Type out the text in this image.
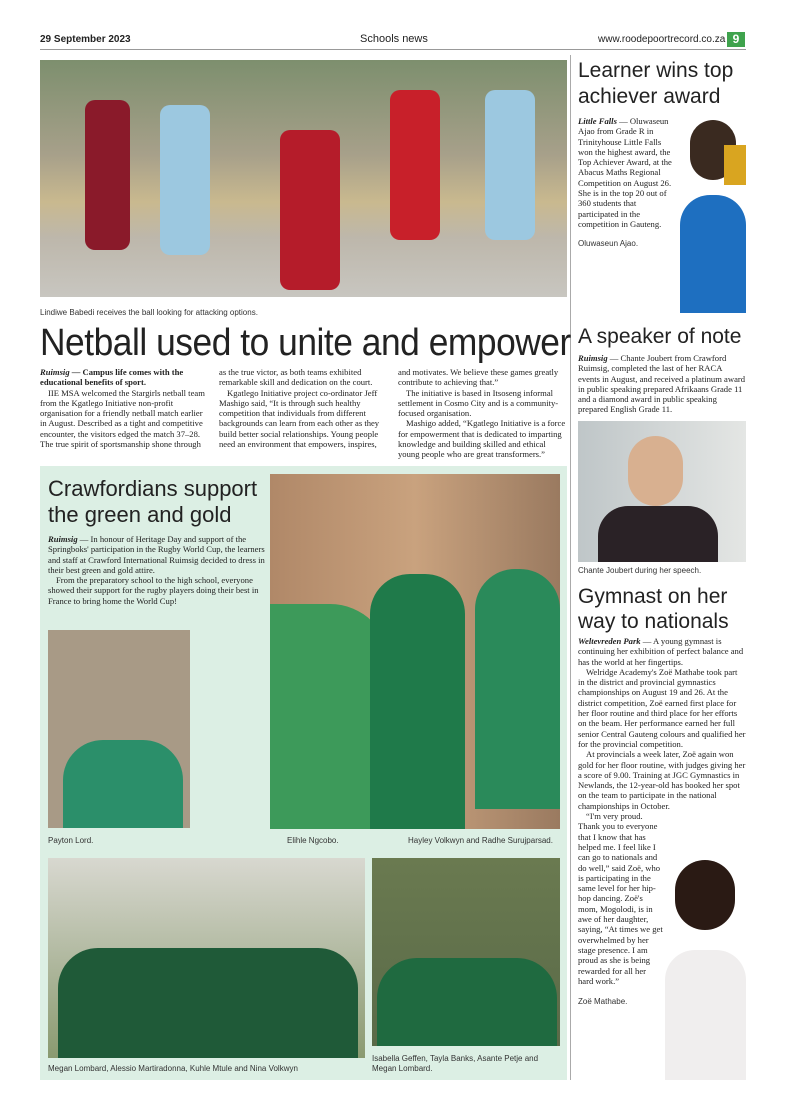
29 September 2023	Schools news	www.roodepoortrecord.co.za 9
Lindiwe Babedi receives the ball looking for attacking options.
Netball used to unite and empower

Ruimsig — Campus life comes with the educational benefits of sport.

IIE MSA welcomed the Stargirls netball team from the Kgatlego Initiative non-profit organisation for a friendly netball match earlier in August. Described as a tight and competitive encounter, the visitors edged the match 37–28. The true spirit of sportsmanship shone through as the true victor, as both teams exhibited remarkable skill and dedication on the court.

Kgatlego Initiative project co-ordinator Jeff Mashigo said, “It is through such healthy competition that individuals from different backgrounds can learn from each other as they build better social relationships. Young people need an environment that empowers, inspires, and motivates. We believe these games greatly contribute to achieving that.”

The initiative is based in Itsoseng informal settlement in Cosmo City and is a community-focused organisation.

Mashigo added, “Kgatlego Initiative is a force for empowerment that is dedicated to imparting knowledge and building skilled and ethical young people who are great transformers.”

Crawfordians support the green and gold

Ruimsig — In honour of Heritage Day and support of the Springboks' participation in the Rugby World Cup, the learners and staff at Crawford International Ruimsig decided to dress in their best green and gold attire.

From the preparatory school to the high school, everyone showed their support for the rugby players doing their best in France to bring home the World Cup!

Payton Lord.	Elihle Ngcobo.	Hayley Volkwyn and Radhe Surujparsad.
Megan Lombard, Alessio Martiradonna, Kuhle Mtule and Nina Volkwyn
Isabella Geffen, Tayla Banks, Asante Petje and Megan Lombard.
Learner wins top achiever award

Little Falls — Oluwaseun Ajao from Grade R in Trinityhouse Little Falls won the highest award, the Top Achiever Award, at the Abacus Maths Regional Competition on August 26. She is in the top 20 out of 360 students that participated in the competition in Gauteng.

Oluwaseun Ajao.
A speaker of note

Ruimsig — Chante Joubert from Crawford Ruimsig, completed the last of her RACA events in August, and received a platinum award in public speaking prepared Afrikaans Grade 11 and a diamond award in public speaking prepared English Grade 11.

Chante Joubert during her speech.
Gymnast on her way to nationals

Weltevreden Park — A young gymnast is continuing her exhibition of perfect balance and has the world at her fingertips.

Welridge Academy's Zoë Mathabe took part in the district and provincial gymnastics championships on August 19 and 26. At the district competition, Zoë earned first place for her floor routine and third place for her efforts on the beam. Her performance earned her full senior Central Gauteng colours and qualified her for the provincial competition.

At provincials a week later, Zoë again won gold for her floor routine, with judges giving her a score of 9.00. Training at JGC Gymnastics in Newlands, the 12-year-old has booked her spot on the team to participate in the national championships in October.

“I'm very proud. Thank you to everyone that I know that has helped me. I feel like I can go to nationals and do well,” said Zoë, who is participating in the same level for her hip-hop dancing. Zoë's mom, Mogolodi, is in awe of her daughter, saying, “At times we get overwhelmed by her stage presence. I am proud as she is being rewarded for all her hard work.”

Zoë Mathabe.
